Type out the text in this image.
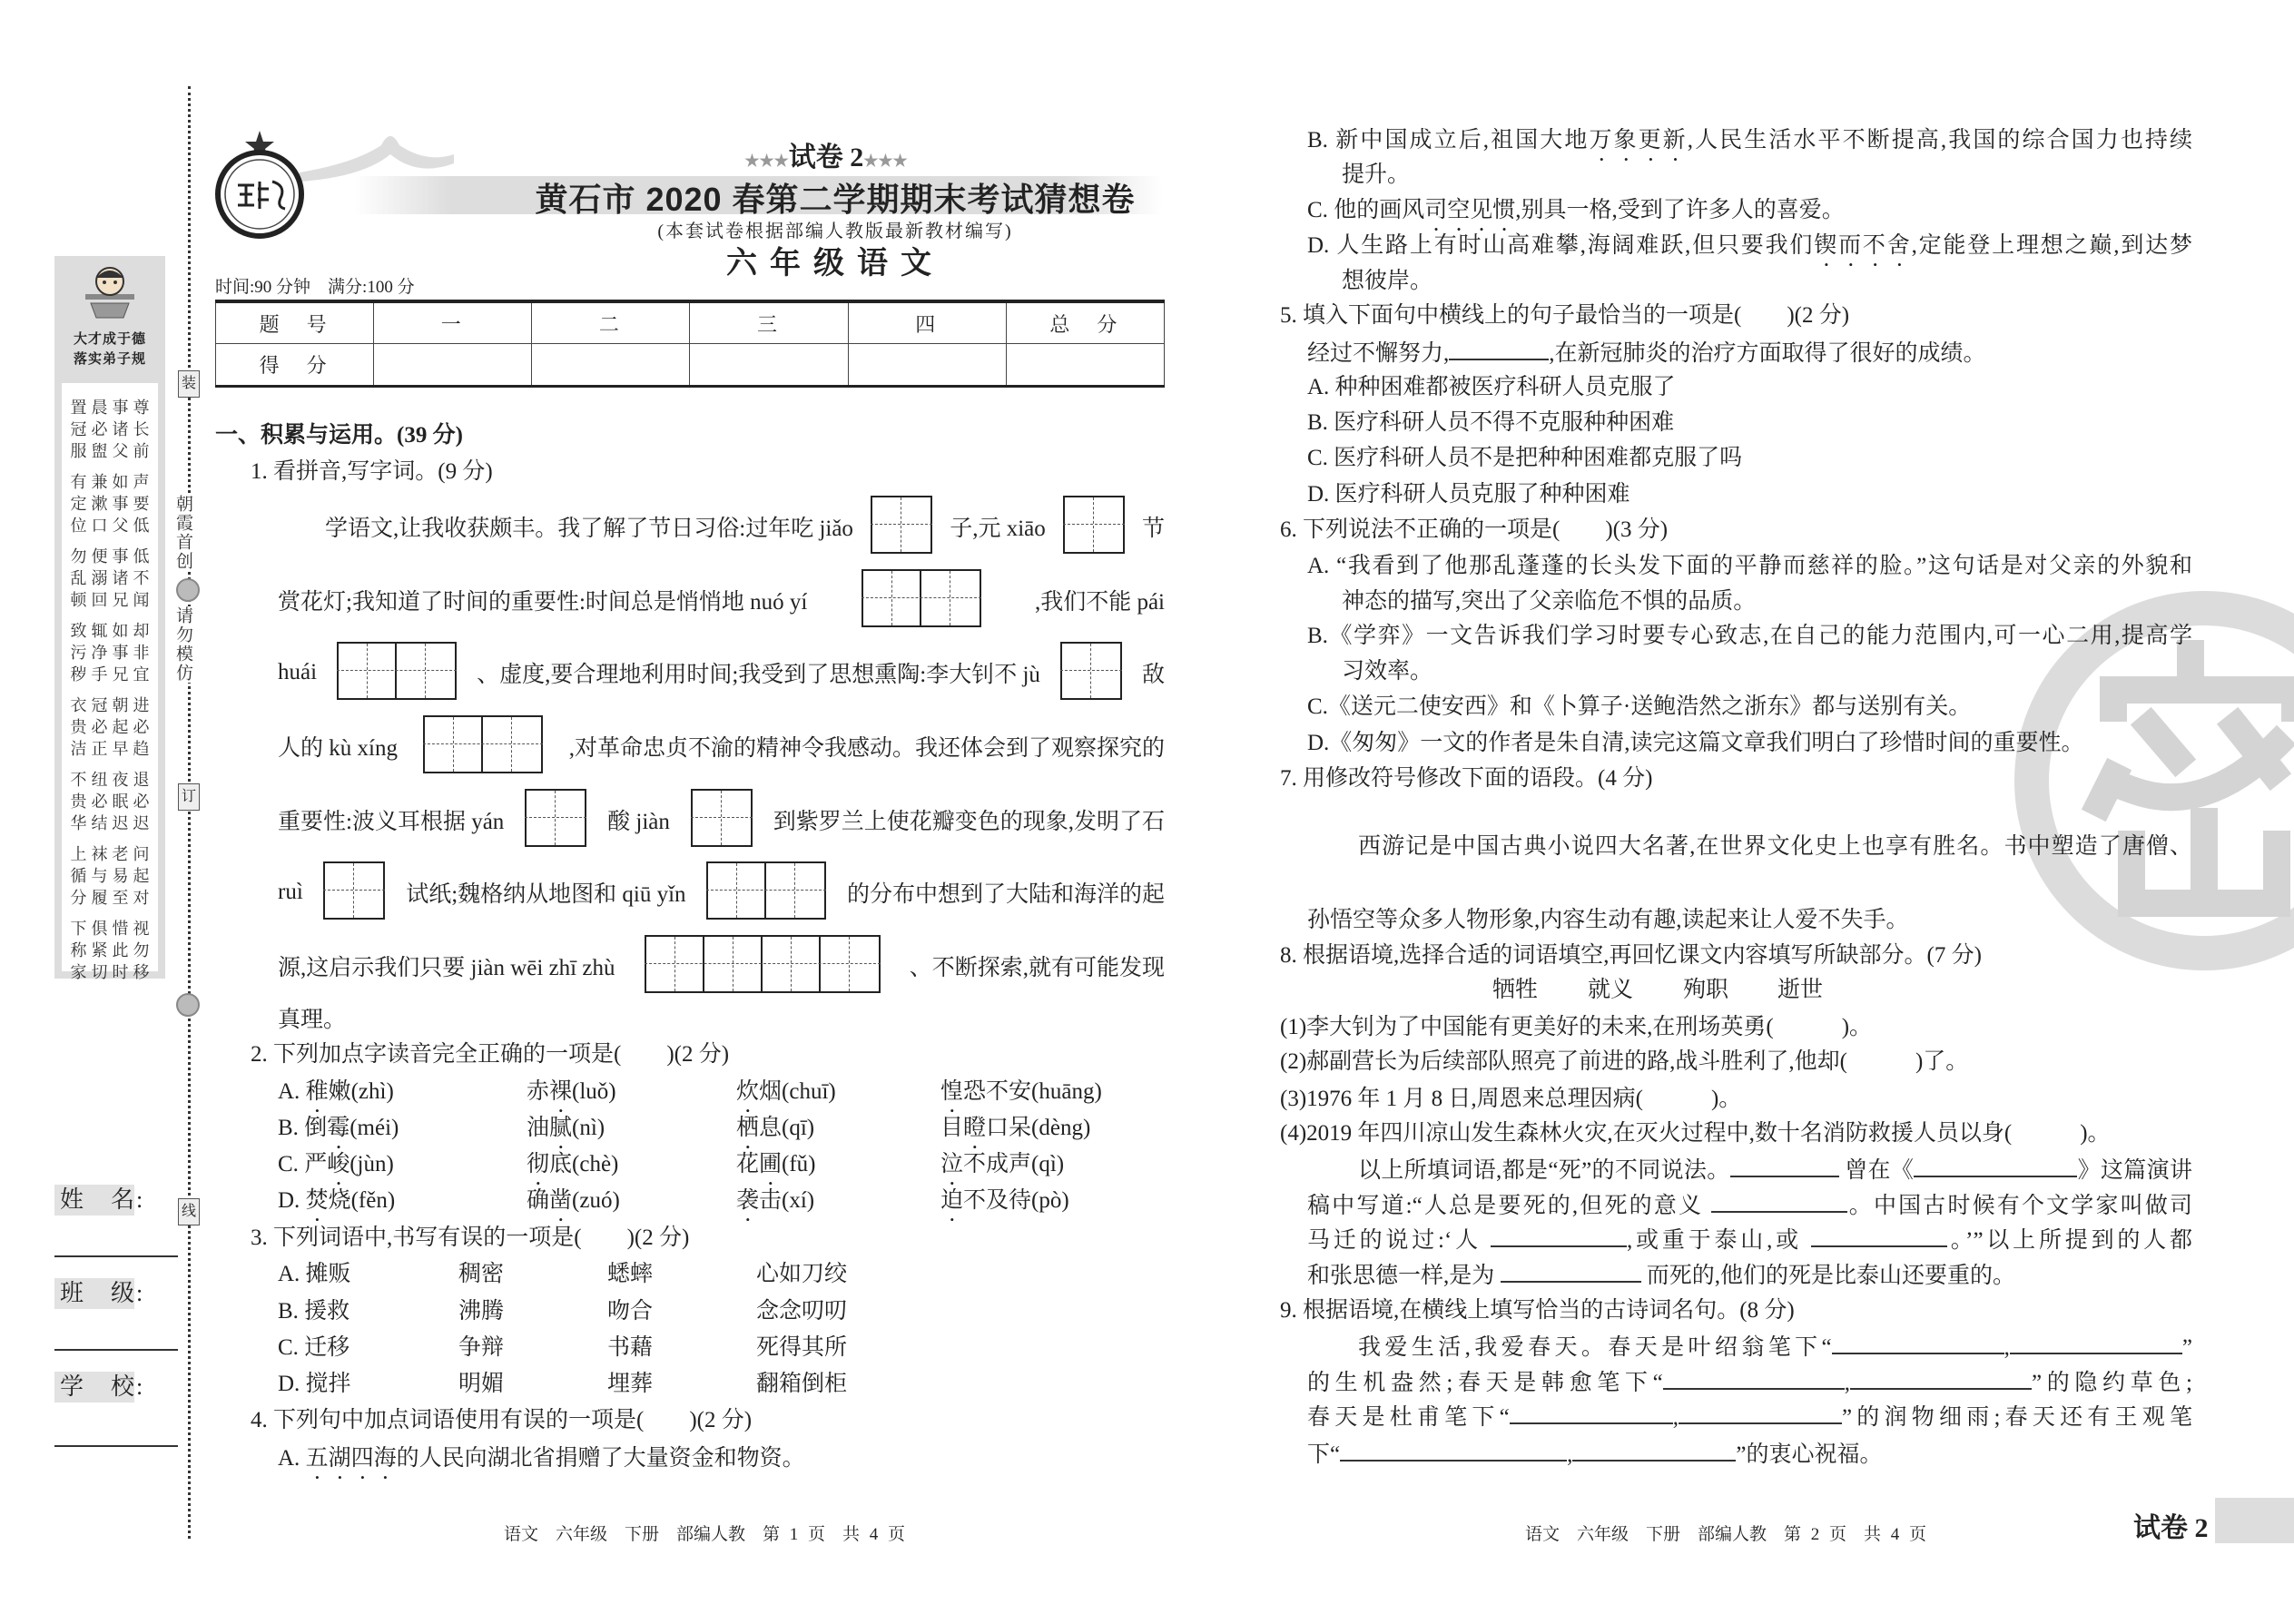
装
订
线
朝霞首创
请勿模仿
大才成于德
落实弟子规
置晨事尊
冠必诸长
服盥父前
有兼如声
定漱事要
位口父低
勿便事低
乱溺诸不
顿回兄闻
致辄如却
污净事非
秽手兄宜
衣冠朝进
贵必起必
洁正早趋
不纽夜退
贵必眠必
华结迟迟
上袜老问
循与易起
分履至对
下俱惜视
称紧此勿
家切时移
姓　名:
班　级:
学　校:
★★★试卷 2★★★
黄石市 2020 春第二学期期末考试猜想卷
(本套试卷根据部编人教版最新教材编写)
六年级语文
时间:90 分钟　 满分:100 分
题　号	一	二	三	四	总　分
得　分					
一、积累与运用。(39 分)
1. 看拼音,写字词。(9 分)
学语文,让我收获颇丰。我了解了节日习俗:过年吃 jiǎo	子,元 xiāo	节
赏花灯;我知道了时间的重要性:时间总是悄悄地 nuó yí	,我们不能 pái
huái	、虚度,要合理地利用时间;我受到了思想熏陶:李大钊不 jù	敌
人的 kù xíng	,对革命忠贞不渝的精神令我感动。我还体会到了观察探究的
重要性:波义耳根据 yán	酸 jiàn	到紫罗兰上使花瓣变色的现象,发明了石
ruì	试纸;魏格纳从地图和 qiū yǐn	的分布中想到了大陆和海洋的起
源,这启示我们只要 jiàn wēi zhī zhù	、不断探索,就有可能发现
真理。
2. 下列加点字读音完全正确的一项是(　　)(2 分)
A. 稚嫩(zhì)	赤裸(luǒ)	炊烟(chuī)	惶恐不安(huāng)
B. 倒霉(méi)	油腻(nì)	栖息(qī)	目瞪口呆(dèng)
C. 严峻(jùn)	彻底(chè)	花圃(fǔ)	泣不成声(qì)
D. 焚烧(fěn)	确凿(zuó)	袭击(xí)	迫不及待(pò)
3. 下列词语中,书写有误的一项是(　　)(2 分)
A. 摊贩	稠密	蟋蟀	心如刀绞
B. 援救	沸腾	吻合	念念叨叨
C. 迁移	争辩	书藉	死得其所
D. 搅拌	明媚	埋葬	翻箱倒柜
4. 下列句中加点词语使用有误的一项是(　　)(2 分)
A. 五湖四海的人民向湖北省捐赠了大量资金和物资。
语文　六年级　下册　部编人教　第 1 页　共 4 页
B. 新中国成立后,祖国大地万象更新,人民生活水平不断提高,我国的综合国力也持续
提升。
C. 他的画风司空见惯,别具一格,受到了许多人的喜爱。
D. 人生路上有时山高难攀,海阔难跃,但只要我们锲而不舍,定能登上理想之巅,到达梦
想彼岸。
5. 填入下面句中横线上的句子最恰当的一项是(　　)(2 分)
经过不懈努力,	,在新冠肺炎的治疗方面取得了很好的成绩。
A. 种种困难都被医疗科研人员克服了
B. 医疗科研人员不得不克服种种困难
C. 医疗科研人员不是把种种困难都克服了吗
D. 医疗科研人员克服了种种困难
6. 下列说法不正确的一项是(　　)(3 分)
A. “我看到了他那乱蓬蓬的长头发下面的平静而慈祥的脸。”这句话是对父亲的外貌和
神态的描写,突出了父亲临危不惧的品质。
B.《学弈》一文告诉我们学习时要专心致志,在自己的能力范围内,可一心二用,提高学
习效率。
C.《送元二使安西》和《卜算子·送鲍浩然之浙东》都与送别有关。
D.《匆匆》一文的作者是朱自清,读完这篇文章我们明白了珍惜时间的重要性。
7. 用修改符号修改下面的语段。(4 分)
西游记是中国古典小说四大名著,在世界文化史上也享有胜名。书中塑造了唐僧、
孙悟空等众多人物形象,内容生动有趣,读起来让人爱不失手。
8. 根据语境,选择合适的词语填空,再回忆课文内容填写所缺部分。(7 分)
牺牲 就义 殉职 逝世
(1)李大钊为了中国能有更美好的未来,在刑场英勇(　　　)。
(2)郝副营长为后续部队照亮了前进的路,战斗胜利了,他却(　　　)了。
(3)1976 年 1 月 8 日,周恩来总理因病(　　　)。
(4)2019 年四川凉山发生森林火灾,在灭火过程中,数十名消防救援人员以身(　　　)。
以上所填词语,都是“死”的不同说法。	曾在《	》这篇演讲
稿中写道:“人总是要死的,但死的意义	。中国古时候有个文学家叫做司
马迁的说过:‘人	,或重于泰山,或	。’”以上所提到的人都
和张思德一样,是为	而死的,他们的死是比泰山还要重的。
9. 根据语境,在横线上填写恰当的古诗词名句。(8 分)
我爱生活,我爱春天。春天是叶绍翁笔下“	,	”
的生机盎然;春天是韩愈笔下“	,	”的隐约草色;
春天是杜甫笔下“	,	”的润物细雨;春天还有王观笔
下“	,	”的衷心祝福。
语文　六年级　下册　部编人教　第 2 页　共 4 页	试卷 2
